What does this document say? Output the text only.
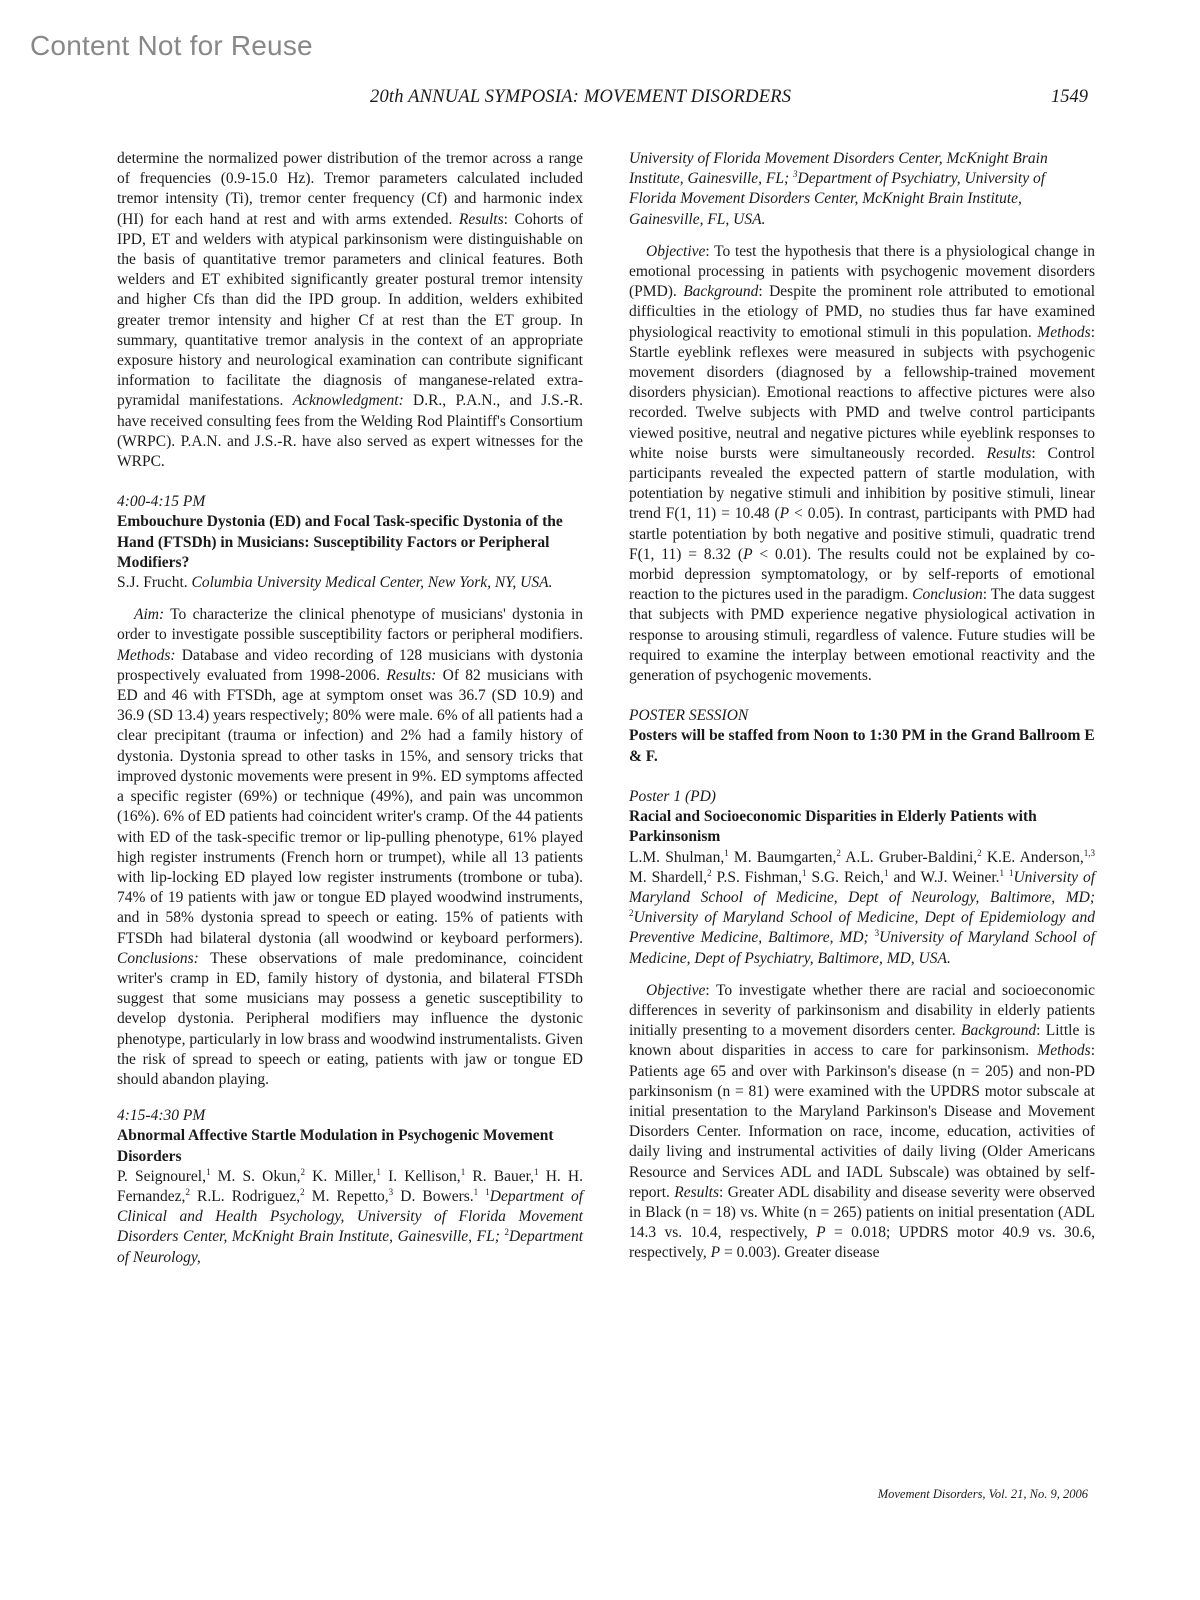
Content Not for Reuse
20th ANNUAL SYMPOSIA: MOVEMENT DISORDERS	1549

determine the normalized power distribution of the tremor across a range of frequencies (0.9-15.0 Hz). Tremor parameters calculated included tremor intensity (Ti), tremor center frequency (Cf) and harmonic index (HI) for each hand at rest and with arms extended. Results: Cohorts of IPD, ET and welders with atypical parkinsonism were distinguishable on the basis of quantitative tremor parameters and clinical features. Both welders and ET exhibited significantly greater postural tremor intensity and higher Cfs than did the IPD group. In addition, welders exhibited greater tremor intensity and higher Cf at rest than the ET group. In summary, quantitative tremor analysis in the context of an appropriate exposure history and neurological examination can contribute significant information to facilitate the diagnosis of manganese-related extra-pyramidal manifestations. Acknowledgment: D.R., P.A.N., and J.S.-R. have received consulting fees from the Welding Rod Plaintiff's Consortium (WRPC). P.A.N. and J.S.-R. have also served as expert witnesses for the WRPC.

4:00-4:15 PM

Embouchure Dystonia (ED) and Focal Task-specific Dystonia of the Hand (FTSDh) in Musicians: Susceptibility Factors or Peripheral Modifiers?

S.J. Frucht. Columbia University Medical Center, New York, NY, USA.

Aim: To characterize the clinical phenotype of musicians' dystonia in order to investigate possible susceptibility factors or peripheral modifiers. Methods: Database and video recording of 128 musicians with dystonia prospectively evaluated from 1998-2006. Results: Of 82 musicians with ED and 46 with FTSDh, age at symptom onset was 36.7 (SD 10.9) and 36.9 (SD 13.4) years respectively; 80% were male. 6% of all patients had a clear precipitant (trauma or infection) and 2% had a family history of dystonia. Dystonia spread to other tasks in 15%, and sensory tricks that improved dystonic movements were present in 9%. ED symptoms affected a specific register (69%) or technique (49%), and pain was uncommon (16%). 6% of ED patients had coincident writer's cramp. Of the 44 patients with ED of the task-specific tremor or lip-pulling phenotype, 61% played high register instruments (French horn or trumpet), while all 13 patients with lip-locking ED played low register instruments (trombone or tuba). 74% of 19 patients with jaw or tongue ED played woodwind instruments, and in 58% dystonia spread to speech or eating. 15% of patients with FTSDh had bilateral dystonia (all woodwind or keyboard performers). Conclusions: These observations of male predominance, coincident writer's cramp in ED, family history of dystonia, and bilateral FTSDh suggest that some musicians may possess a genetic susceptibility to develop dystonia. Peripheral modifiers may influence the dystonic phenotype, particularly in low brass and woodwind instrumentalists. Given the risk of spread to speech or eating, patients with jaw or tongue ED should abandon playing.

4:15-4:30 PM

Abnormal Affective Startle Modulation in Psychogenic Movement Disorders

P. Seignourel,$^1$ M. S. Okun,$^2$ K. Miller,$^1$ I. Kellison,$^1$ R. Bauer,$^1$ H. H. Fernandez,$^2$ R.L. Rodriguez,$^2$ M. Repetto,$^3$ D. Bowers.$^1$ $^1$Department of Clinical and Health Psychology, University of Florida Movement Disorders Center, McKnight Brain Institute, Gainesville, FL; $^2$Department of Neurology,

University of Florida Movement Disorders Center, McKnight Brain Institute, Gainesville, FL; $^3$Department of Psychiatry, University of Florida Movement Disorders Center, McKnight Brain Institute, Gainesville, FL, USA.

Objective: To test the hypothesis that there is a physiological change in emotional processing in patients with psychogenic movement disorders (PMD). Background: Despite the prominent role attributed to emotional difficulties in the etiology of PMD, no studies thus far have examined physiological reactivity to emotional stimuli in this population. Methods: Startle eyeblink reflexes were measured in subjects with psychogenic movement disorders (diagnosed by a fellowship-trained movement disorders physician). Emotional reactions to affective pictures were also recorded. Twelve subjects with PMD and twelve control participants viewed positive, neutral and negative pictures while eyeblink responses to white noise bursts were simultaneously recorded. Results: Control participants revealed the expected pattern of startle modulation, with potentiation by negative stimuli and inhibition by positive stimuli, linear trend F(1, 11) = 10.48 (P < 0.05). In contrast, participants with PMD had startle potentiation by both negative and positive stimuli, quadratic trend F(1, 11) = 8.32 (P < 0.01). The results could not be explained by co-morbid depression symptomatology, or by self-reports of emotional reaction to the pictures used in the paradigm. Conclusion: The data suggest that subjects with PMD experience negative physiological activation in response to arousing stimuli, regardless of valence. Future studies will be required to examine the interplay between emotional reactivity and the generation of psychogenic movements.

POSTER SESSION

Posters will be staffed from Noon to 1:30 PM in the Grand Ballroom E & F.

Poster 1 (PD)

Racial and Socioeconomic Disparities in Elderly Patients with Parkinsonism

L.M. Shulman,$^1$ M. Baumgarten,$^2$ A.L. Gruber-Baldini,$^2$ K.E. Anderson,$^{1,3}$ M. Shardell,$^2$ P.S. Fishman,$^1$ S.G. Reich,$^1$ and W.J. Weiner.$^1$ $^1$University of Maryland School of Medicine, Dept of Neurology, Baltimore, MD; $^2$University of Maryland School of Medicine, Dept of Epidemiology and Preventive Medicine, Baltimore, MD; $^3$University of Maryland School of Medicine, Dept of Psychiatry, Baltimore, MD, USA.

Objective: To investigate whether there are racial and socioeconomic differences in severity of parkinsonism and disability in elderly patients initially presenting to a movement disorders center. Background: Little is known about disparities in access to care for parkinsonism. Methods: Patients age 65 and over with Parkinson's disease (n = 205) and non-PD parkinsonism (n = 81) were examined with the UPDRS motor subscale at initial presentation to the Maryland Parkinson's Disease and Movement Disorders Center. Information on race, income, education, activities of daily living and instrumental activities of daily living (Older Americans Resource and Services ADL and IADL Subscale) was obtained by self-report. Results: Greater ADL disability and disease severity were observed in Black (n = 18) vs. White (n = 265) patients on initial presentation (ADL 14.3 vs. 10.4, respectively, P = 0.018; UPDRS motor 40.9 vs. 30.6, respectively, P = 0.003). Greater disease

Movement Disorders, Vol. 21, No. 9, 2006
